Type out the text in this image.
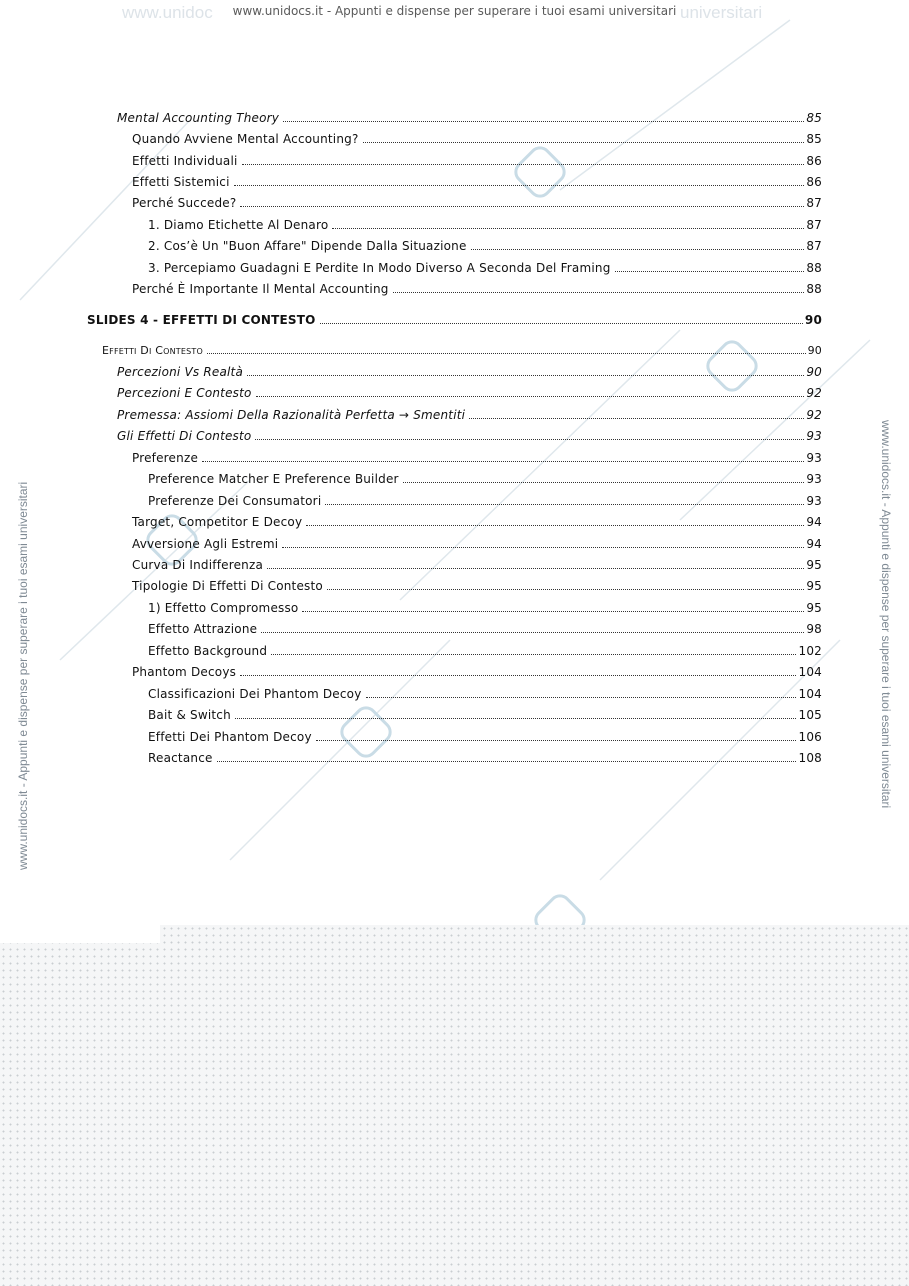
www.unidoc	universitari
www.unidocs.it - Appunti e dispense per superare i tuoi esami universitari
www.unidocs.it - Appunti e dispense per superare i tuoi esami universitari	www.unidocs.it - Appunti e dispense per superare i tuoi esami universitari
Mental Accounting Theory	85
Quando Avviene Mental Accounting?	85
Effetti Individuali	86
Effetti Sistemici	86
Perché Succede?	87
1. Diamo Etichette Al Denaro	87
2. Cos’è Un "Buon Affare" Dipende Dalla Situazione	87
3. Percepiamo Guadagni E Perdite In Modo Diverso A Seconda Del Framing	88
Perché È Importante Il Mental Accounting	88
SLIDES 4 - EFFETTI DI CONTESTO	90
Effetti Di Contesto	90
Percezioni Vs Realtà	90
Percezioni E Contesto	92
Premessa: Assiomi Della Razionalità Perfetta → Smentiti	92
Gli Effetti Di Contesto	93
Preferenze	93
Preference Matcher E Preference Builder	93
Preferenze Dei Consumatori	93
Target, Competitor E Decoy	94
Avversione Agli Estremi	94
Curva Di Indifferenza	95
Tipologie Di Effetti Di Contesto	95
1) Effetto Compromesso	95
Effetto Attrazione	98
Effetto Background	102
Phantom Decoys	104
Classificazioni Dei Phantom Decoy	104
Bait & Switch	105
Effetti Dei Phantom Decoy	106
Reactance	108
